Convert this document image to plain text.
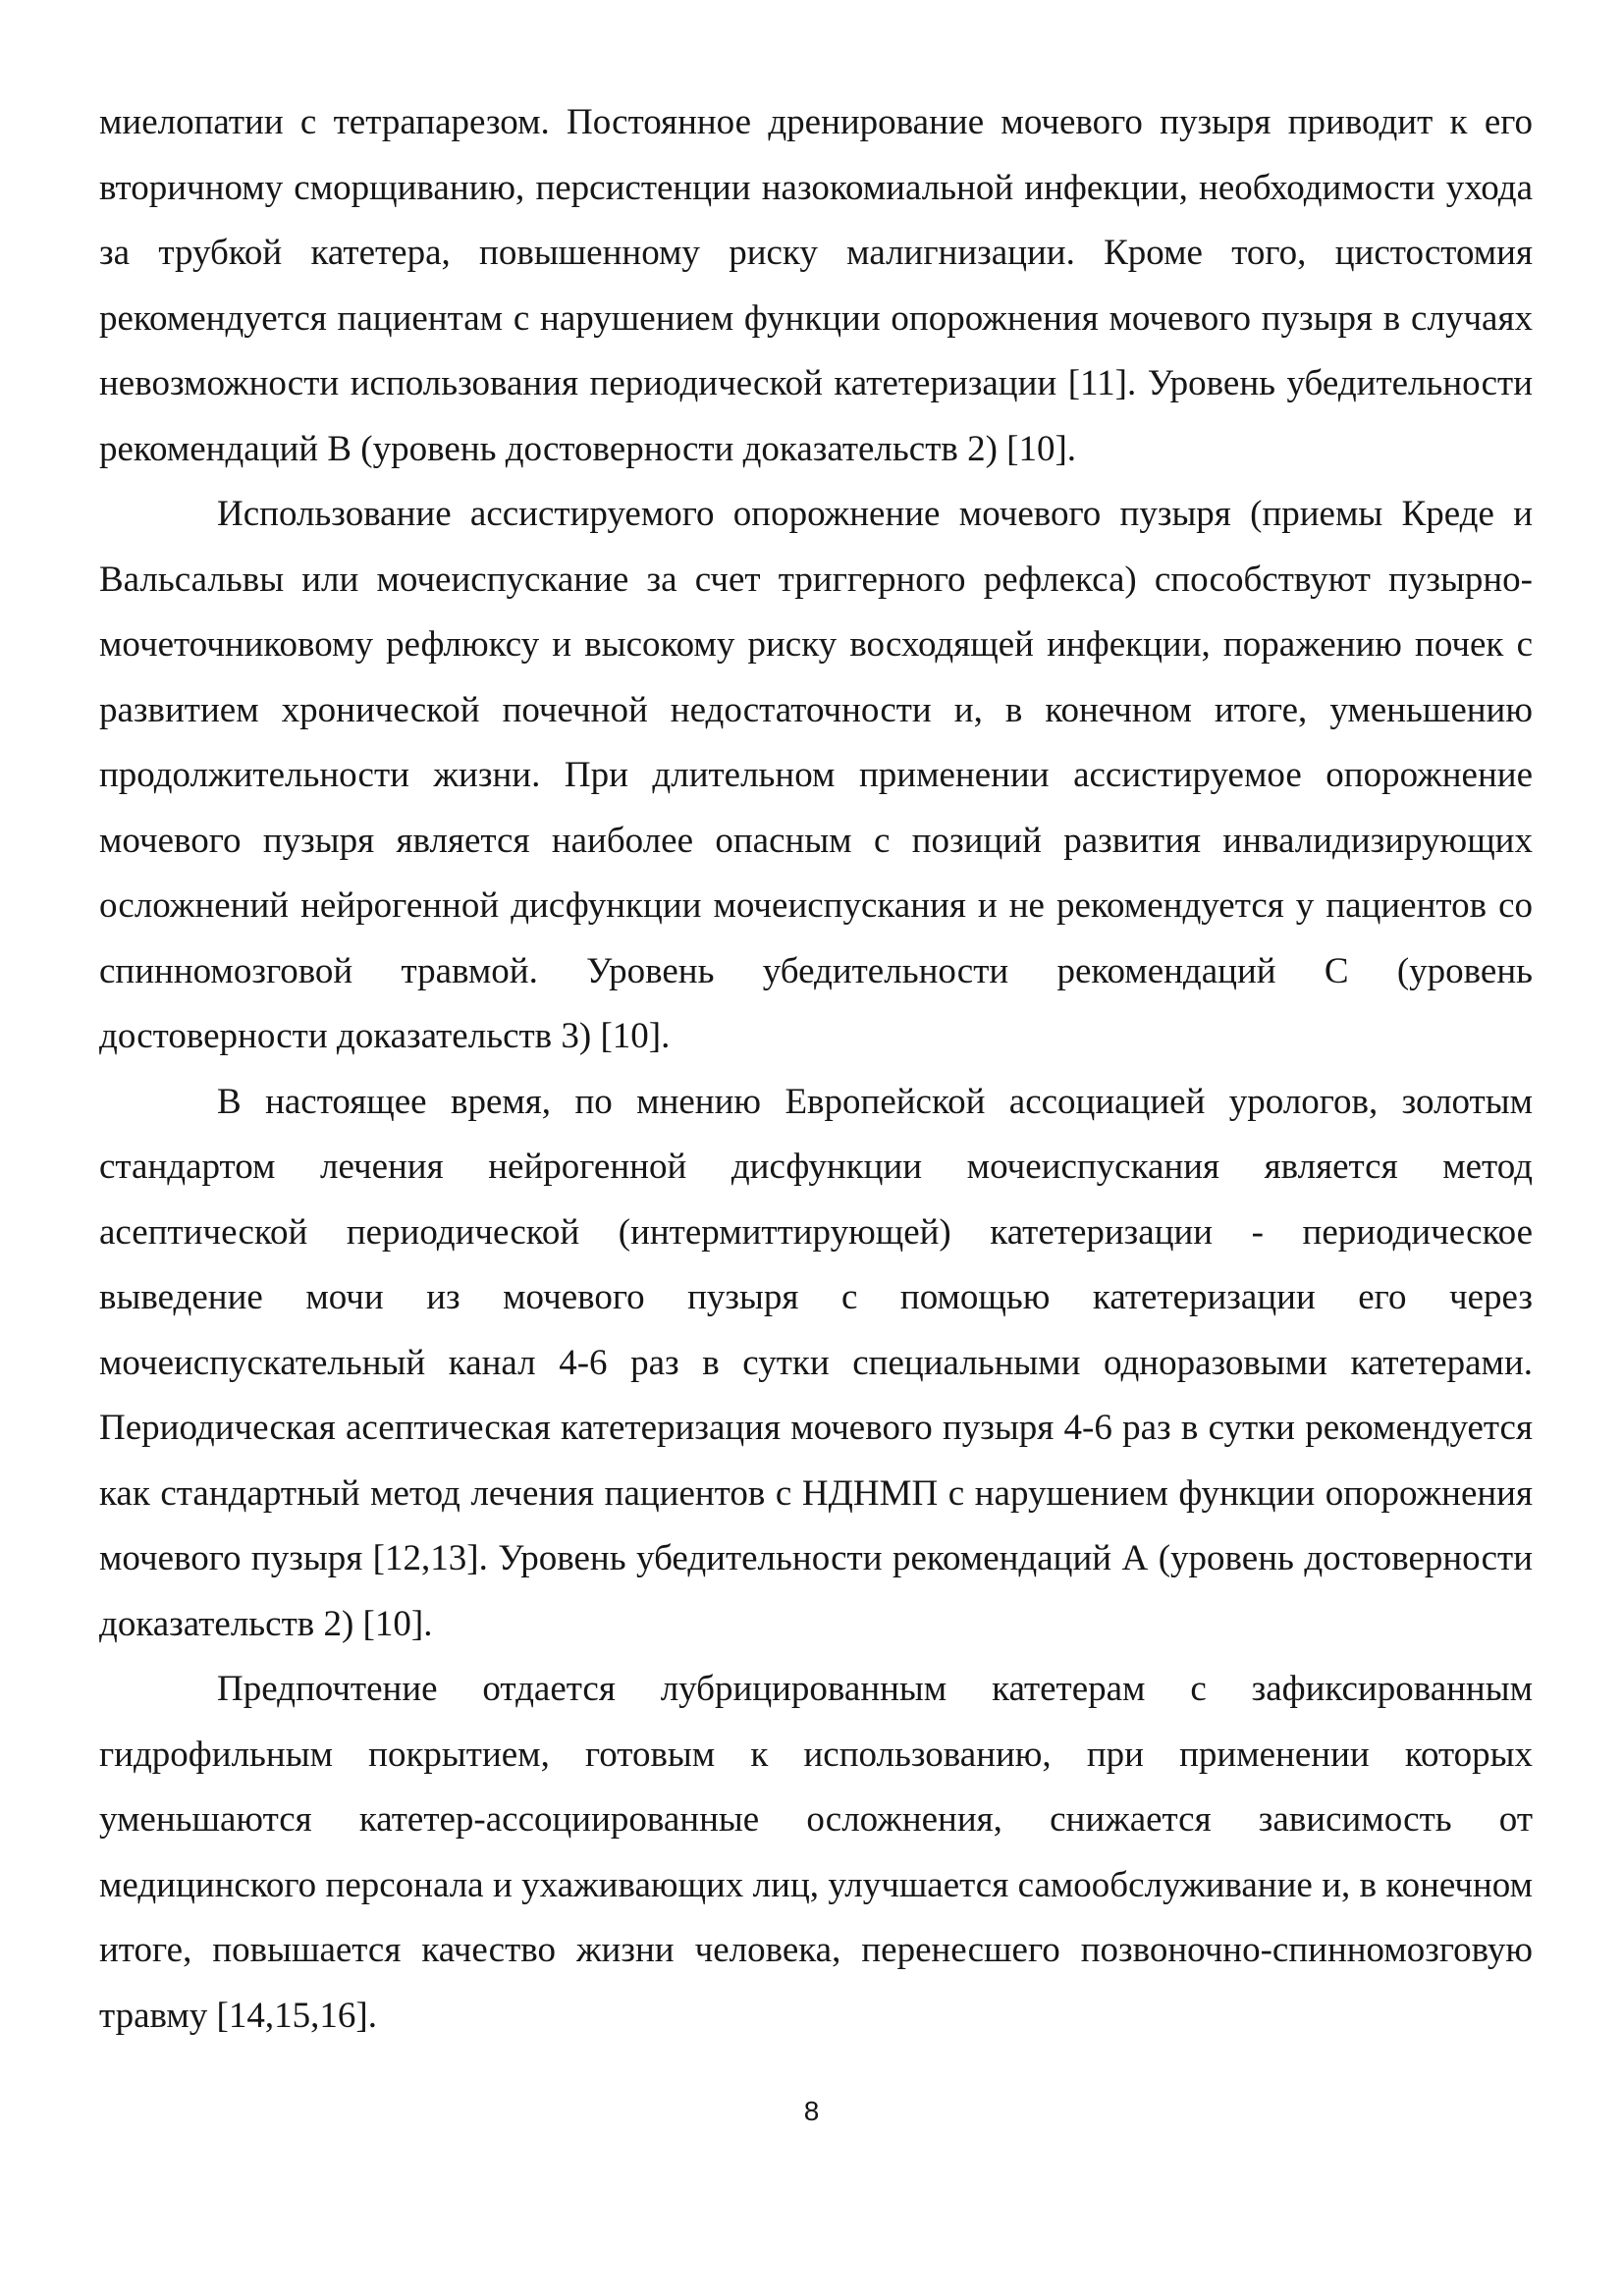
миелопатии с тетрапарезом. Постоянное дренирование мочевого пузыря приводит к его вторичному сморщиванию, персистенции назокомиальной инфекции, необходимости ухода за трубкой катетера, повышенному риску малигнизации. Кроме того, цистостомия рекомендуется пациентам с нарушением функции опорожнения мочевого пузыря в случаях невозможности использования периодической катетеризации [11]. Уровень убедительности рекомендаций В (уровень достоверности доказательств 2) [10].

Использование ассистируемого опорожнение мочевого пузыря (приемы Креде и Вальсальвы или мочеиспускание за счет триггерного рефлекса) способствуют пузырно-мочеточниковому рефлюксу и высокому риску восходящей инфекции, поражению почек с развитием хронической почечной недостаточности и, в конечном итоге, уменьшению продолжительности жизни. При длительном применении ассистируемое опорожнение мочевого пузыря является наиболее опасным с позиций развития инвалидизирующих осложнений нейрогенной дисфункции мочеиспускания и не рекомендуется у пациентов со спинномозговой травмой. Уровень убедительности рекомендаций С (уровень достоверности доказательств 3) [10].

В настоящее время, по мнению Европейской ассоциацией урологов, золотым стандартом лечения нейрогенной дисфункции мочеиспускания является метод асептической периодической (интермиттирующей) катетеризации - периодическое выведение мочи из мочевого пузыря с помощью катетеризации его через мочеиспускательный канал 4-6 раз в сутки специальными одноразовыми катетерами. Периодическая асептическая катетеризация мочевого пузыря 4-6 раз в сутки рекомендуется как стандартный метод лечения пациентов с НДНМП с нарушением функции опорожнения мочевого пузыря [12,13]. Уровень убедительности рекомендаций А (уровень достоверности доказательств 2) [10].

Предпочтение отдается лубрицированным катетерам с зафиксированным гидрофильным покрытием, готовым к использованию, при применении которых уменьшаются катетер-ассоциированные осложнения, снижается зависимость от медицинского персонала и ухаживающих лиц, улучшается самообслуживание и, в конечном итоге, повышается качество жизни человека, перенесшего позвоночно-спинномозговую травму [14,15,16].

8
